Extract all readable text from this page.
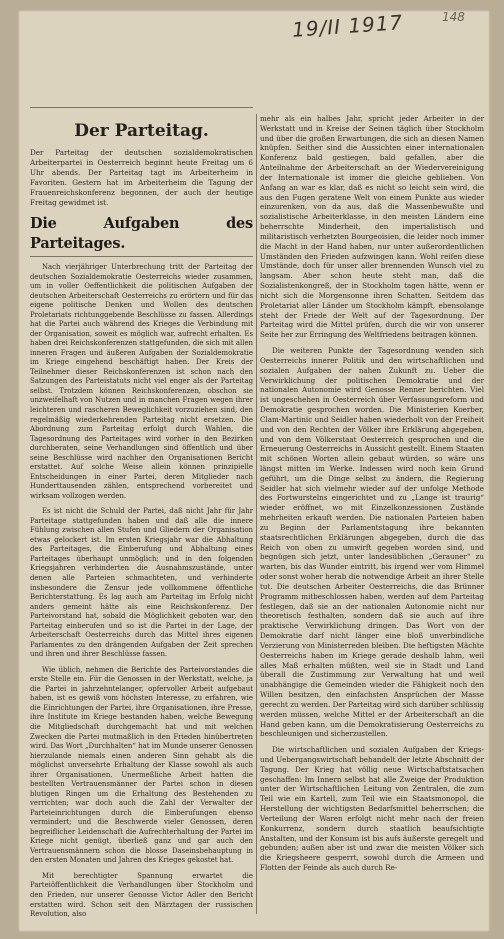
19/II 1917	148
Der Parteitag.
Der Parteitag der deutschen sozialdemokratischen Arbeiterpartei in Oesterreich beginnt heute Freitag um 6 Uhr abends. Der Parteitag tagt im Arbeiterheim in Favoriten. Gestern hat im Arbeiterheim die Tagung der Frauenreichskonferenz begonnen, der auch der heutige Freitag gewidmet ist.
Die Aufgaben des Parteitages.

Nach vierjähriger Unterbrechung tritt der Parteitag der deutschen Sozialdemokratie Oesterreichs wieder zusammen, um in voller Oeffentlichkeit die politischen Aufgaben der deutschen Arbeiterschaft Oesterreichs zu erörtern und für das eigene politische Denken und Wollen des deutschen Proletariats richtunggebende Beschlüsse zu fassen. Allerdings hat die Partei auch während des Krieges die Verbindung mit der Organisation, soweit es möglich war, aufrecht erhalten. Es haben drei Reichskonferenzen stattgefunden, die sich mit allen inneren Fragen und äußeren Aufgaben der Sozialdemokratie im Kriege eingehend beschäftigt haben. Der Kreis der Teilnehmer dieser Reichskonferenzen ist schon nach den Satzungen des Parteistatuts nicht viel enger als der Parteitag selbst. Trotzdem können Reichskonferenzen, obschon sie unzweifelhaft von Nutzen und in manchen Fragen wegen ihrer leichteren und rascheren Beweglichkeit vorzuziehen sind, den regelmäßig wiederkehrenden Parteitag nicht ersetzen. Die Abordnung zum Parteitag erfolgt durch Wahlen, die Tagesordnung des Parteitages wird vorher in den Bezirken durchberaten, seine Verhandlungen sind öffentlich und über seine Beschlüsse wird nachher den Organisationen Bericht erstattet. Auf solche Weise allein können prinzipielle Entscheidungen in einer Partei, deren Mitglieder nach Hunderttausenden zählen, entsprechend vorbereitet und wirksam vollzogen werden.

Es ist nicht die Schuld der Partei, daß nicht Jahr für Jahr Parteitage stattgefunden haben und daß alle die innere Fühlung zwischen allen Stufen und Gliedern der Organisation etwas gelockert ist. Im ersten Kriegsjahr war die Abhaltung des Parteitages, die Einberufung und Abhaltung eines Parteitages überhaupt unmöglich; und in den folgenden Kriegsjahren verhinderten die Ausnahmszustände, unter denen alle Parteien schmachteten, und verhinderte insbesondere die Zensur jede vollkommene öffentliche Berichterstattung. Es lag auch am Parteitag im Erfolg nicht anders gemeint hätte als eine Reichskonferenz. Der Parteivorstand hat, sobald die Möglichkeit geboten war, den Parteitag einberufen und so ist die Partei in der Lage, der Arbeiterschaft Oesterreichs durch das Mittel ihres eigenen Parlamentes zu den drängenden Aufgaben der Zeit sprechen und ihren und ihrer Beschlüsse fassen.

Wie üblich, nehmen die Berichte des Parteivorstandes die erste Stelle ein. Für die Genossen in der Werkstatt, welche, ja die Partei in jahrzehntelanger, opfervoller Arbeit aufgebaut haben, ist es gewiß vom höchsten Interesse, zu erfahren, wie die Einrichtungen der Partei, ihre Organisationen, ihre Presse, ihre Institute im Kriege bestanden haben, welche Bewegung die Mitgliedschaft durchgemacht hat und mit welchen Zwecken die Partei mutmaßlich in den Frieden hinübertreten wird. Das Wort „Durchhalten“ hat im Munde unserer Genossen hierzulande niemals einen anderen Sinn gehabt als die möglichst unversehrte Erhaltung der Klasse sowohl als auch ihrer Organisationen. Unermeßliche Arbeit hatten die bestellten Vertrauensmänner der Partei schon in diesen blutigen Ringen um die Erhaltung des Bestehenden zu verrichten; war doch auch die Zahl der Verwalter der Parteieinrichtungen durch die Einberufungen ebenso vermindert; und die Beschwerde vieler Genossen, deren begreiflicher Leidenschaft die Aufrechterhaltung der Partei im Kriege nicht genügt, überließ ganz und gar auch den Vertrauensmännern schon die blosse Daseinsbehauptung in den ersten Monaten und Jahren des Krieges gekostet hat.

Mit berechtigter Spannung erwartet die Parteiöffentlichkeit die Verhandlungen über Stockholm und den Frieden, nur unserer Genosse Victor Adler den Bericht erstatten wird. Schon seit den Märztagen der russischen Revolution, also

mehr als ein halbes Jahr, spricht jeder Arbeiter in der Werkstatt und in Kreise der Seinen täglich über Stockholm und über die großen Erwartungen, die sich an diesen Namen knüpfen. Seither sind die Aussichten einer internationalen Konferenz bald gestiegen, bald gefallen, aber die Anteilnahme der Arbeiterschaft an der Wiedervereinigung der Internationale ist immer die gleiche geblieben. Von Anfang an war es klar, daß es nicht so leicht sein wird, die aus den Fugen geratene Welt von einem Punkte aus wieder einzurenken, von da aus, daß die Massenbewußte und sozialistische Arbeiterklasse, in den meisten Ländern eine beherrschte Minderheit, den imperialistisch und militaristisch verhetzten Bourgeoisien, die leider noch immer die Macht in der Hand haben, nur unter außerordentlichen Umständen den Frieden aufzwingen kann. Wohl reifen diese Umstände, doch für unser aller brennenden Wunsch viel zu langsam. Aber schon heute steht man, daß die Sozialistenkongreß, der in Stockholm tagen hätte, wenn er nicht sich die Morgensonne ihren Schatten. Seitdem das Proletariat aller Länder um Stockholm kämpft, ebensolange steht der Friede der Welt auf der Tagesordnung. Der Parteitag wird die Mittel prüfen, durch die wir von unserer Seite her zur Erringung des Weltfriedens beitragen können.

Die weiteren Punkte der Tagesordnung wenden sich Oesterreichs innerer Politik und den wirtschaftlichen und sozialen Aufgaben der nahen Zukunft zu. Ueber die Verwirklichung der politischen Demokratie und der nationalen Autonomie wird Genosse Renner berichten. Viel ist ungeschehen in Oesterreich über Verfassungsreform und Demokratie gesprochen worden. Die Ministerien Koerber, Clam-Martinic und Seidler haben wiederholt von der Freiheit und von den Rechten der Völker ihre Erklärung abgegeben, und von dem Völkerstaat Oesterreich gesprochen und die Erneuerung Oesterreichs in Aussicht gestellt. Einem Staaten mit schönen Worten allein gebaut würden, so wäre uns längst mitten im Werke. Indessen wird noch kein Grund geführt, um die Dinge selbst zu ändern, die Regierung Seidler hat sich vielmehr wieder auf der unfolge Methode des Fortwurstelns eingerichtet und zu „Lange ist traurig“ wieder eröffnet, wo mit Einzelkonzessionen Zustände mehrheiten erkauft werden. Die nationalen Parteien haben zu Beginn der Parlamentstagung ihre bekannten staatsrechtlichen Erklärungen abgegeben, durch die das Reich von oben zu umwirft gegeben worden sind, und begnügen sich jetzt, unter landesüblichen „Gerauner“ zu warten, bis das Wunder eintritt, bis irgend wer vom Himmel oder sonst woher herab die notwendige Arbeit an ihrer Stelle tut. Die deutschen Arbeiter Oesterreichs, die das Brünner Programm mitbeschlossen haben, werden auf dem Parteitag festlegen, daß sie an der nationalen Autonomie nicht nur theoretisch festhalten, sondern daß sie auch auf ihre praktische Verwirklichung dringen. Das Wort von der Demokratie darf nicht länger eine bloß unverbindliche Verzierung von Ministerreden bleiben. Die heftigsten Mächte Oesterreichs haben im Kriege gerade deshalb lahm, weil alles Maß erhalten müßten, weil sie in Stadt und Land überall die Zustimmung zur Verwaltung hat und weil unabhängige die Gemeinden wieder die Fähigkeit noch den Willen besitzen, den einfachsten Ansprüchen der Masse gerecht zu werden. Der Parteitag wird sich darüber schlüssig werden müssen, welche Mittel er der Arbeiterschaft an die Hand geben kann, um die Demokratisierung Oesterreichs zu beschleunigen und sicherzustellen.

Die wirtschaftlichen und sozialen Aufgaben der Kriegs- und Uebergangswirtschaft behandelt der letzte Abschnitt der Tagung. Der Krieg hat völlig neue Wirtschaftstatsachen geschaffen: Im Innern selbst hat alle Zweige der Produktion unter der Wirtschaftlichen Leitung von Zentralen, die zum Teil wie ein Kartell, zum Teil wie ein Staatsmonopol, die Herstellung der wichtigsten Bedarfsmittel beherrschen; die Verteilung der Waren erfolgt nicht mehr nach der freien Konkurrenz, sondern durch staatlich beaufsichtigte Anstalten, und der Konsum ist bis aufs äußerste geregelt und gebunden; außen aber ist und zwar die meisten Völker sich die Kriegsheere gesperrt, sowohl durch die Armeen und Flotten der Feinde als auch durch Re-
